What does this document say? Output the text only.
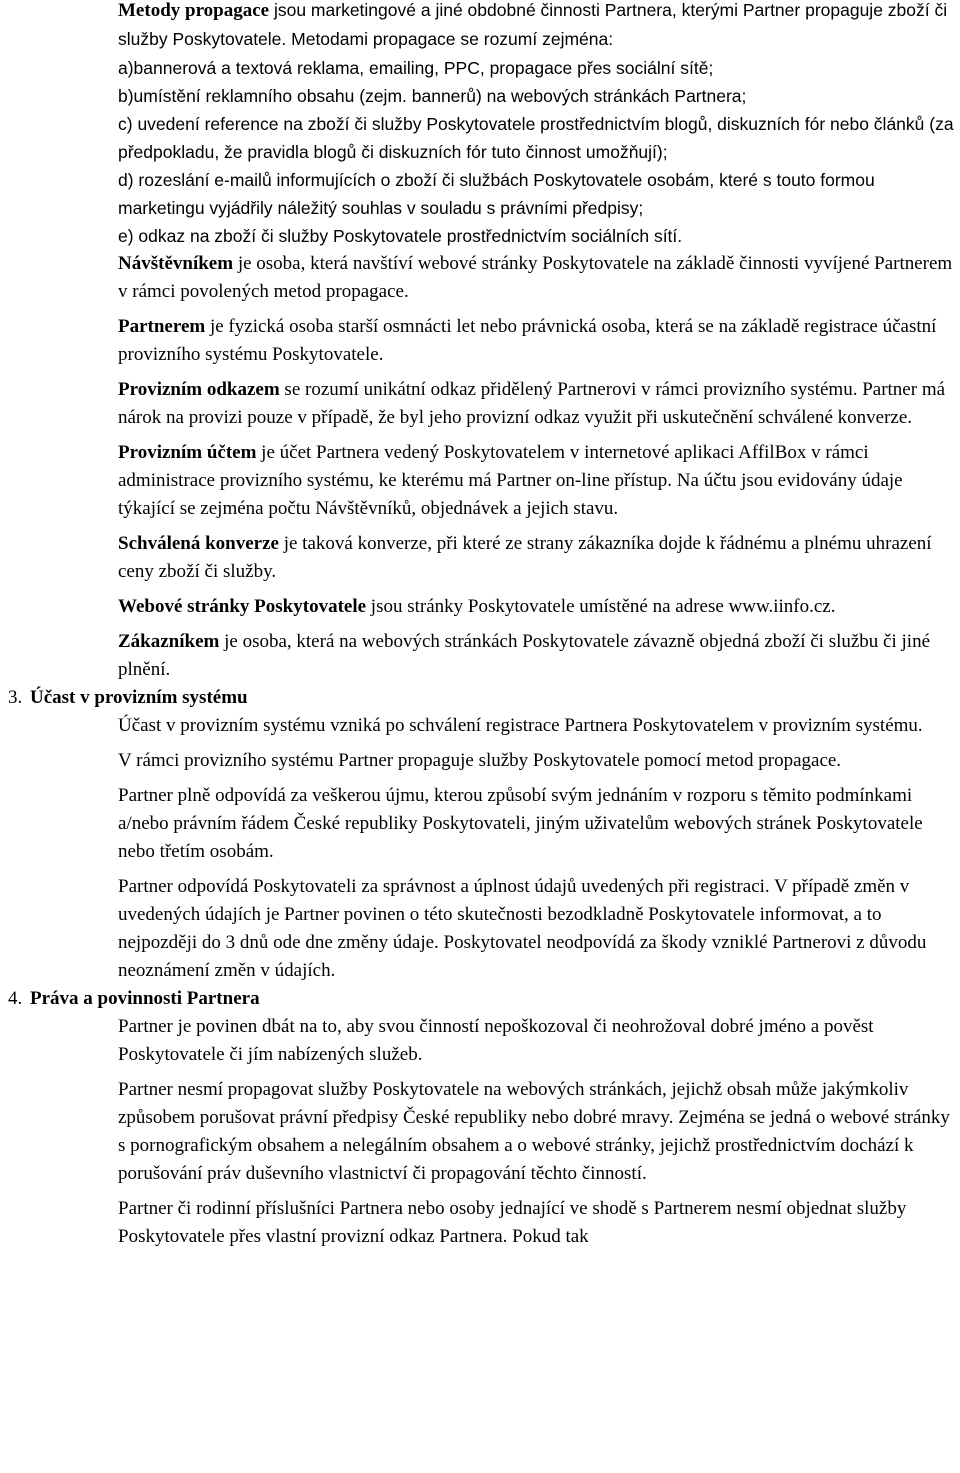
Metody propagace jsou marketingové a jiné obdobné činnosti Partnera, kterými Partner propaguje zboží či služby Poskytovatele. Metodami propagace se rozumí zejména:
a)bannerová a textová reklama, emailing, PPC, propagace přes sociální sítě;
b)umístění reklamního obsahu (zejm. bannerů) na webových stránkách Partnera;
c) uvedení reference na zboží či služby Poskytovatele prostřednictvím blogů, diskuzních fór nebo článků (za předpokladu, že pravidla blogů či diskuzních fór tuto činnost umožňují);
d) rozeslání e-mailů informujících o zboží či službách Poskytovatele osobám, které s touto formou marketingu vyjádřily náležitý souhlas v souladu s právními předpisy;
e) odkaz na zboží či služby Poskytovatele prostřednictvím sociálních sítí.
Návštěvníkem je osoba, která navštíví webové stránky Poskytovatele na základě činnosti vyvíjené Partnerem v rámci povolených metod propagace.
Partnerem je fyzická osoba starší osmnácti let nebo právnická osoba, která se na základě registrace účastní provizního systému Poskytovatele.
Provizním odkazem se rozumí unikátní odkaz přidělený Partnerovi v rámci provizního systému. Partner má nárok na provizi pouze v případě, že byl jeho provizní odkaz využit při uskutečnění schválené konverze.
Provizním účtem je účet Partnera vedený Poskytovatelem v internetové aplikaci AffilBox v rámci administrace provizního systému, ke kterému má Partner on-line přístup. Na účtu jsou evidovány údaje týkající se zejména počtu Návštěvníků, objednávek a jejich stavu.
Schválená konverze je taková konverze, při které ze strany zákazníka dojde k řádnému a plnému uhrazení ceny zboží či služby.
Webové stránky Poskytovatele jsou stránky Poskytovatele umístěné na adrese www.iinfo.cz.
Zákazníkem je osoba, která na webových stránkách Poskytovatele závazně objedná zboží či službu či jiné plnění.
3. Účast v provizním systému
Účast v provizním systému vzniká po schválení registrace Partnera Poskytovatelem v provizním systému.
V rámci provizního systému Partner propaguje služby Poskytovatele pomocí metod propagace.
Partner plně odpovídá za veškerou újmu, kterou způsobí svým jednáním v rozporu s těmito podmínkami a/nebo právním řádem České republiky Poskytovateli, jiným uživatelům webových stránek Poskytovatele nebo třetím osobám.
Partner odpovídá Poskytovateli za správnost a úplnost údajů uvedených při registraci. V případě změn v uvedených údajích je Partner povinen o této skutečnosti bezodkladně Poskytovatele informovat, a to nejpozději do 3 dnů ode dne změny údaje. Poskytovatel neodpovídá za škody vzniklé Partnerovi z důvodu neoznámení změn v údajích.
4. Práva a povinnosti Partnera
Partner je povinen dbát na to, aby svou činností nepoškozoval či neohrožoval dobré jméno a pověst Poskytovatele či jím nabízených služeb.
Partner nesmí propagovat služby Poskytovatele na webových stránkách, jejichž obsah může jakýmkoliv způsobem porušovat právní předpisy České republiky nebo dobré mravy. Zejména se jedná o webové stránky s pornografickým obsahem a nelegálním obsahem a o webové stránky, jejichž prostřednictvím dochází k porušování práv duševního vlastnictví či propagování těchto činností.
Partner či rodinní příslušníci Partnera nebo osoby jednající ve shodě s Partnerem nesmí objednat služby Poskytovatele přes vlastní provizní odkaz Partnera. Pokud tak
